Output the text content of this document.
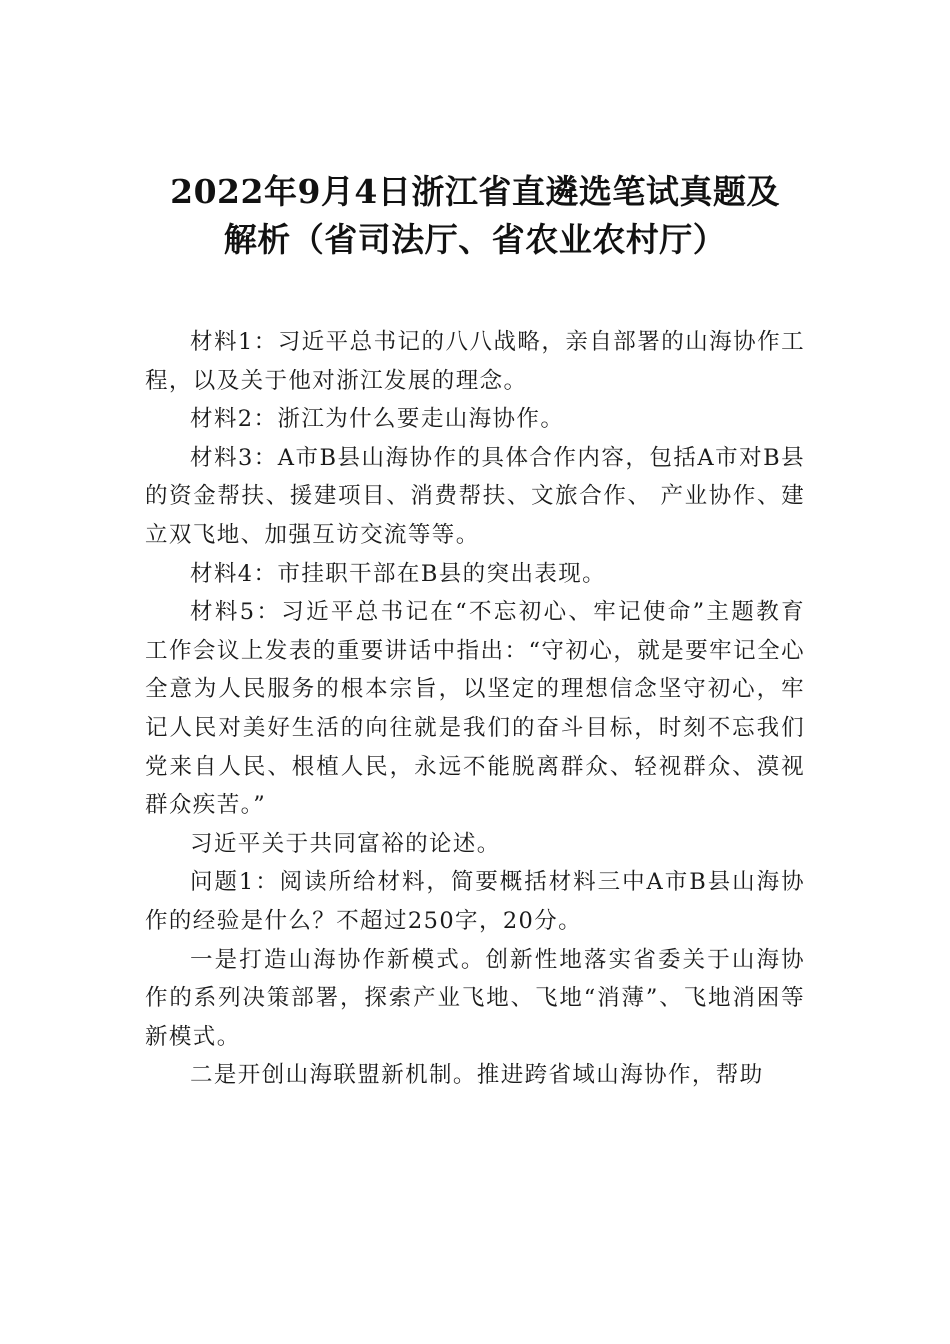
2022年9月4日浙江省直遴选笔试真题及
解析（省司法厅、省农业农村厅）

材料1：习近平总书记的八八战略，亲自部署的山海协作工程，以及关于他对浙江发展的理念。

材料2：浙江为什么要走山海协作。

材料3：A市B县山海协作的具体合作内容，包括A市对B县的资金帮扶、援建项目、消费帮扶、文旅合作、 产业协作、建立双飞地、加强互访交流等等。

材料4：市挂职干部在B县的突出表现。

材料5：习近平总书记在“不忘初心、牢记使命”主题教育工作会议上发表的重要讲话中指出：“守初心，就是要牢记全心全意为人民服务的根本宗旨，以坚定的理想信念坚守初心，牢记人民对美好生活的向往就是我们的奋斗目标，时刻不忘我们党来自人民、根植人民，永远不能脱离群众、轻视群众、漠视群众疾苦。”

习近平关于共同富裕的论述。

问题1：阅读所给材料，简要概括材料三中A市B县山海协作的经验是什么？不超过250字，20分。

一是打造山海协作新模式。创新性地落实省委关于山海协作的系列决策部署，探索产业飞地、飞地“消薄”、飞地消困等新模式。

二是开创山海联盟新机制。推进跨省域山海协作，帮助
